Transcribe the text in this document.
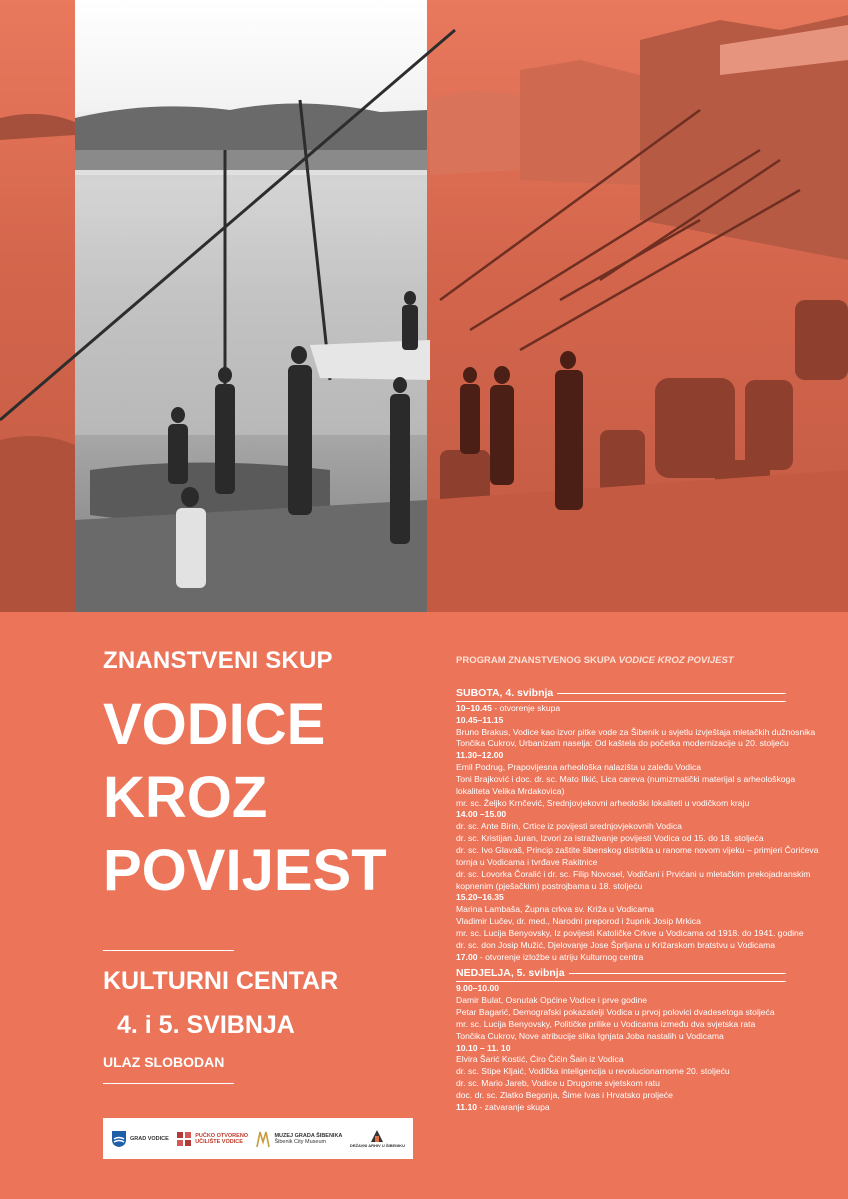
ZNANSTVENI SKUP
VODICE
KROZ
POVIJEST
KULTURNI CENTAR
4. i 5. SVIBNJA
ULAZ SLOBODAN
GRAD VODICE	PUČKO OTVORENO
UČILIŠTE VODICE
MUZEJ GRADA ŠIBENIKA
Šibenik City Museum
DRŽAVNI ARHIV U ŠIBENIKU
PROGRAM ZNANSTVENOG SKUPA VODICE KROZ POVIJEST
SUBOTA, 4. svibnja
10–10.45 - otvorenje skupa
10.45–11.15
Bruno Brakus, Vodice kao izvor pitke vode za Šibenik u svjetlu izvještaja mletačkih dužnosnika
Tončika Cukrov, Urbanizam naselja: Od kaštela do početka modernizacije u 20. stoljeću
11.30–12.00
Emil Podrug, Prapovijesna arheološka nalazišta u zaleđu Vodica
Toni Brajković i doc. dr. sc. Mato Ilkić, Lica careva (numizmatički materijal s arheološkoga
lokaliteta Velika Mrdakovica)
mr. sc. Željko Krnčević, Srednjovjekovni arheološki lokaliteti u vodičkom kraju
14.00 –15.00
dr. sc. Ante Birin, Crtice iz povijesti srednjovjekovnih Vodica
dr. sc. Kristijan Juran, Izvori za istraživanje povijesti Vodica od 15. do 18. stoljeća
dr. sc. Ivo Glavaš, Princip zaštite šibenskog distrikta u ranome novom vijeku – primjeri Čorićeva
tornja u Vodicama i tvrđave Rakitnice
dr. sc. Lovorka Čoralić i dr. sc. Filip Novosel, Vodičani i Prvićani u mletačkim prekojadranskim
kopnenim (pješačkim) postrojbama u 18. stoljeću
15.20–16.35
Marina Lambaša, Župna crkva sv. Križa u Vodicama
Vladimir Lučev, dr. med., Narodni preporod i župnik Josip Mrkica
mr. sc. Lucija Benyovsky, Iz povijesti Katoličke Crkve u Vodicama od 1918. do 1941. godine
dr. sc. don Josip Mužić, Djelovanje Jose Šprljana u Križarskom bratstvu u Vodicama
17.00 - otvorenje izložbe u atriju Kulturnog centra
NEDJELJA, 5. svibnja
9.00–10.00
Damir Bulat, Osnutak Općine Vodice i prve godine
Petar Bagarić, Demografski pokazatelji Vodica u prvoj polovici dvadesetoga stoljeća
mr. sc. Lucija Benyovsky, Političke prilike u Vodicama između dva svjetska rata
Tončika Cukrov, Nove atribucije slika Ignjata Joba nastalih u Vodicama
10.10 – 11. 10
Elvira Šarić Kostić, Ćiro Čičin Šain iz Vodica
dr. sc. Stipe Kljaić, Vodička inteligencija u revolucionarnome 20. stoljeću
dr. sc. Mario Jareb, Vodice u Drugome svjetskom ratu
doc. dr. sc. Zlatko Begonja, Šime Ivas i Hrvatsko proljeće
11.10 - zatvaranje skupa
